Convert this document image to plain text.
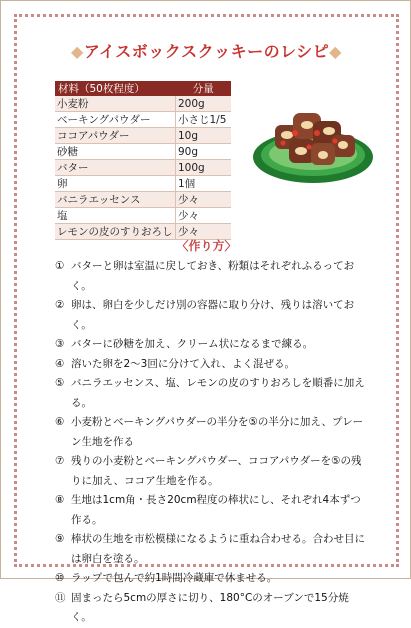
◆アイスボックスクッキーのレシピ◆
材料（50枚程度）	分量
小麦粉	200g
ベーキングパウダー	小さじ1/5
ココアパウダー	10g
砂糖	90g
バター	100g
卵	1個
バニラエッセンス	少々
塩	少々
レモンの皮のすりおろし	少々
〈作り方〉
① バターと卵は室温に戻しておき、粉類はそれぞれふるっておく。
② 卵は、卵白を少しだけ別の容器に取り分け、残りは溶いておく。
③ バターに砂糖を加え、クリーム状になるまで練る。
④ 溶いた卵を2～3回に分けて入れ、よく混ぜる。
⑤ バニラエッセンス、塩、レモンの皮のすりおろしを順番に加える。
⑥ 小麦粉とベーキングパウダーの半分を⑤の半分に加え、プレーン生地を作る
⑦ 残りの小麦粉とベーキングパウダー、ココアパウダーを⑤の残りに加え、ココア生地を作る。
⑧ 生地は1cm角・長さ20cm程度の棒状にし、それぞれ4本ずつ作る。
⑨ 棒状の生地を市松模様になるように重ね合わせる。合わせ目には卵白を塗る。
⑩ ラップで包んで約1時間冷蔵庫で休ませる。
⑪ 固まったら5cmの厚さに切り、180°Cのオーブンで15分焼く。
